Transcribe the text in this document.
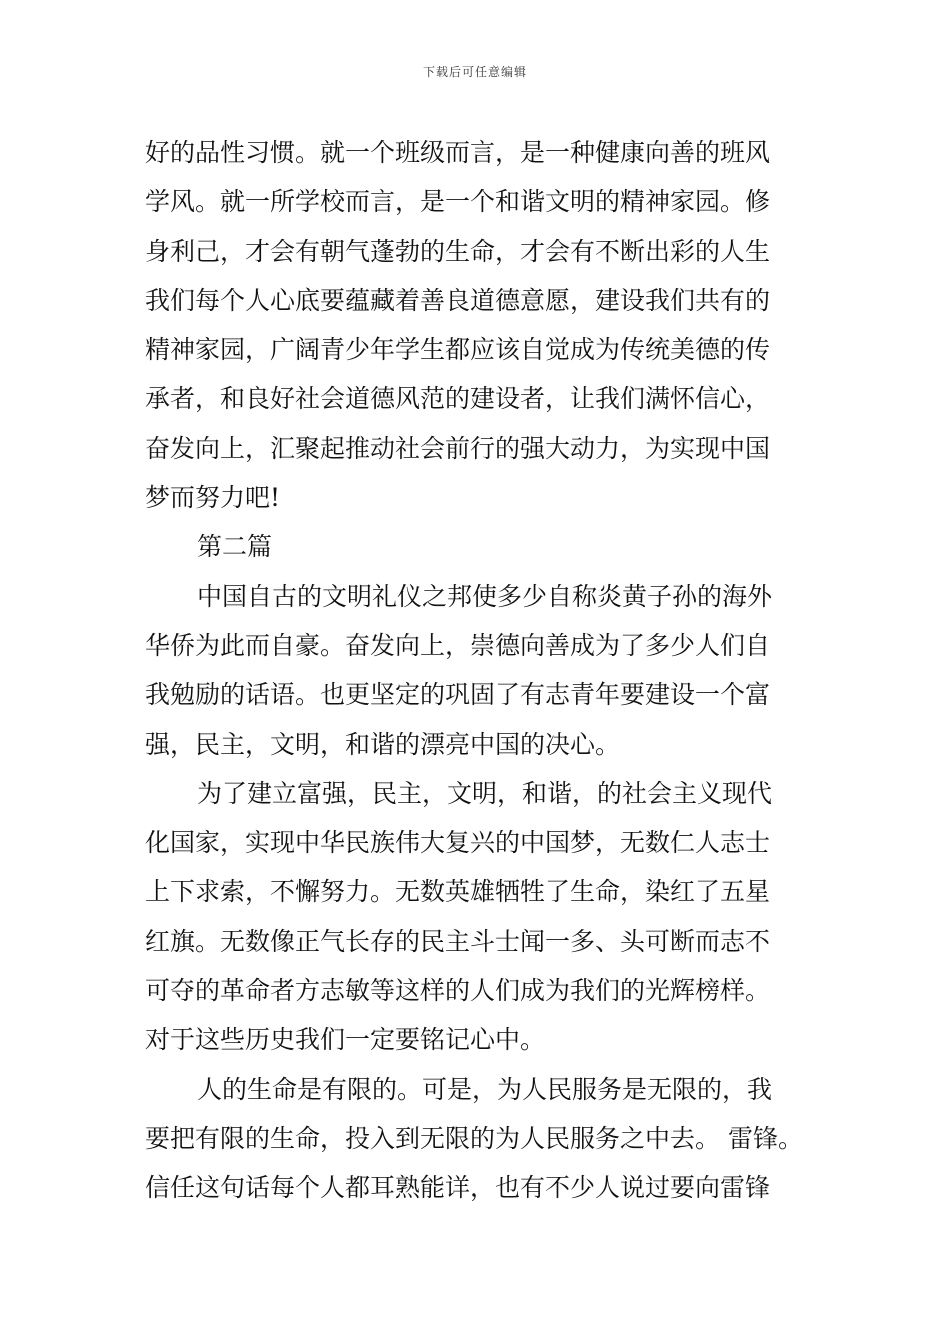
下载后可任意编辑
好的品性习惯。就一个班级而言，是一种健康向善的班风
学风。就一所学校而言，是一个和谐文明的精神家园。修
身利己，才会有朝气蓬勃的生命，才会有不断出彩的人生
我们每个人心底要蕴藏着善良道德意愿，建设我们共有的
精神家园，广阔青少年学生都应该自觉成为传统美德的传
承者，和良好社会道德风范的建设者，让我们满怀信心，
奋发向上，汇聚起推动社会前行的强大动力，为实现中国
梦而努力吧!
第二篇
中国自古的文明礼仪之邦使多少自称炎黄子孙的海外
华侨为此而自豪。奋发向上，崇德向善成为了多少人们自
我勉励的话语。也更坚定的巩固了有志青年要建设一个富
强，民主，文明，和谐的漂亮中国的决心。
为了建立富强，民主，文明，和谐，的社会主义现代
化国家，实现中华民族伟大复兴的中国梦，无数仁人志士
上下求索，不懈努力。无数英雄牺牲了生命，染红了五星
红旗。无数像正气长存的民主斗士闻一多、头可断而志不
可夺的革命者方志敏等这样的人们成为我们的光辉榜样。
对于这些历史我们一定要铭记心中。
人的生命是有限的。可是，为人民服务是无限的，我
要把有限的生命，投入到无限的为人民服务之中去。 雷锋。
信任这句话每个人都耳熟能详，也有不少人说过要向雷锋
